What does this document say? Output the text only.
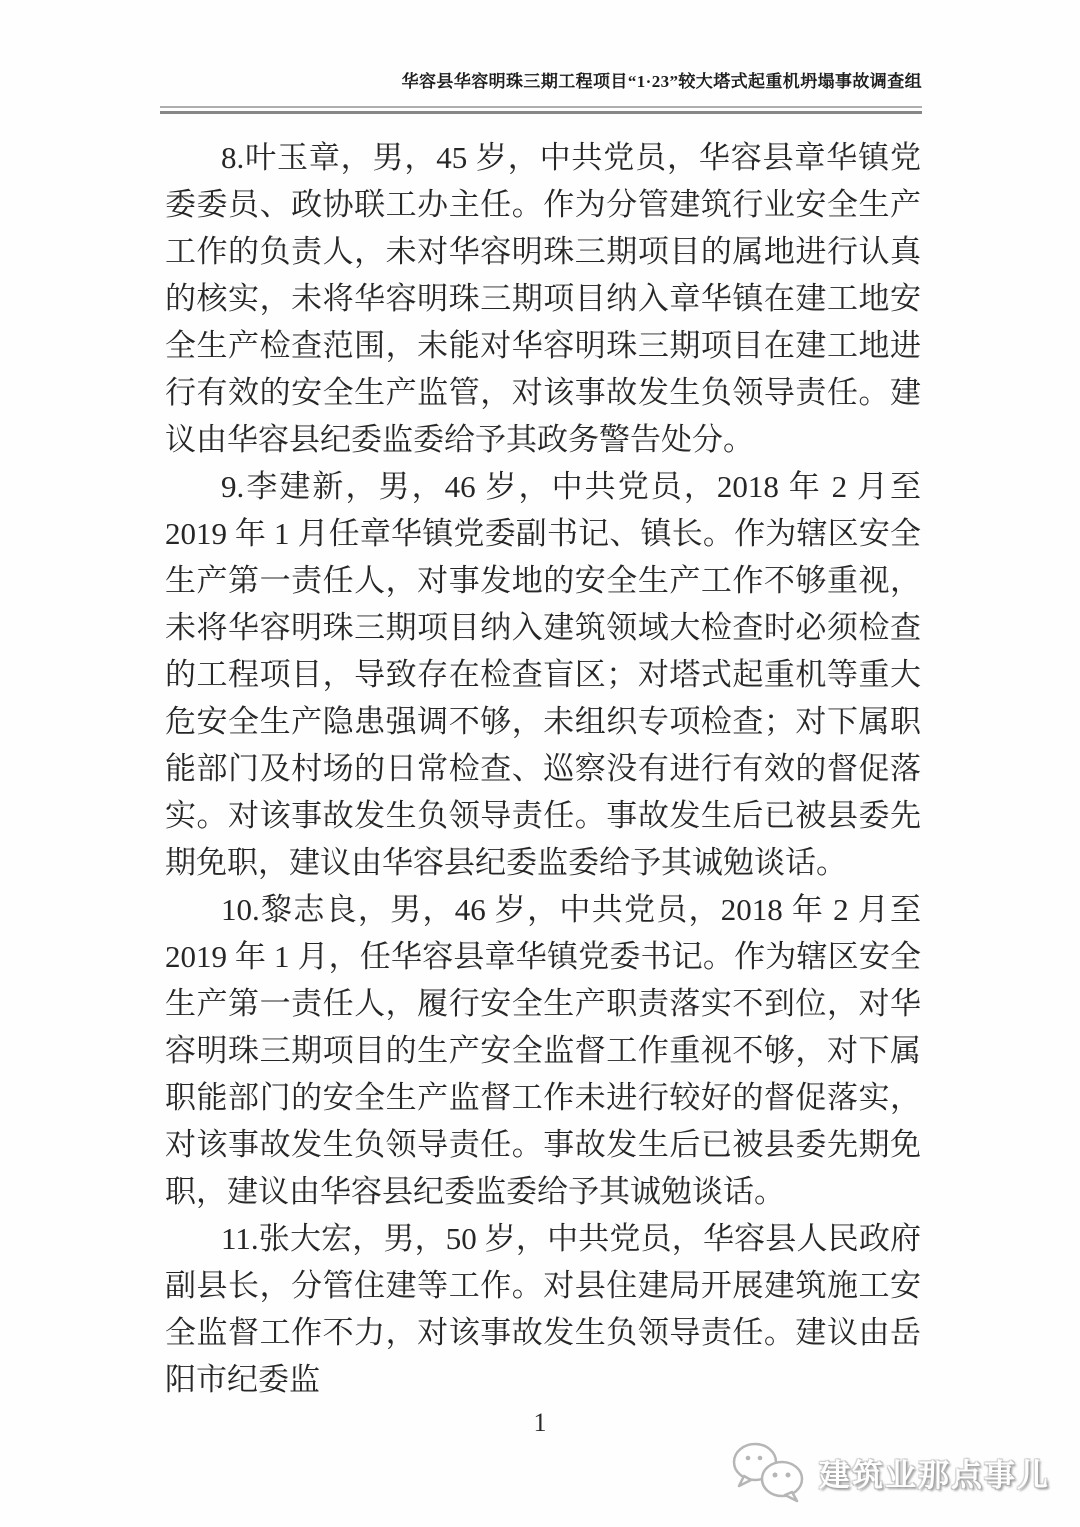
华容县华容明珠三期工程项目“1·23”较大塔式起重机坍塌事故调查组

8.叶玉章，男，45 岁，中共党员，华容县章华镇党委委员、政协联工办主任。作为分管建筑行业安全生产工作的负责人，未对华容明珠三期项目的属地进行认真的核实，未将华容明珠三期项目纳入章华镇在建工地安全生产检查范围，未能对华容明珠三期项目在建工地进行有效的安全生产监管，对该事故发生负领导责任。建议由华容县纪委监委给予其政务警告处分。

9.李建新，男，46 岁，中共党员，2018 年 2 月至 2019 年 1 月任章华镇党委副书记、镇长。作为辖区安全生产第一责任人，对事发地的安全生产工作不够重视，未将华容明珠三期项目纳入建筑领域大检查时必须检查的工程项目，导致存在检查盲区；对塔式起重机等重大危安全生产隐患强调不够，未组织专项检查；对下属职能部门及村场的日常检查、巡察没有进行有效的督促落实。对该事故发生负领导责任。事故发生后已被县委先期免职，建议由华容县纪委监委给予其诚勉谈话。

10.黎志良，男，46 岁，中共党员，2018 年 2 月至 2019 年 1 月，任华容县章华镇党委书记。作为辖区安全生产第一责任人，履行安全生产职责落实不到位，对华容明珠三期项目的生产安全监督工作重视不够，对下属职能部门的安全生产监督工作未进行较好的督促落实，对该事故发生负领导责任。事故发生后已被县委先期免职，建议由华容县纪委监委给予其诚勉谈话。

11.张大宏，男，50 岁，中共党员，华容县人民政府副县长，分管住建等工作。对县住建局开展建筑施工安全监督工作不力，对该事故发生负领导责任。建议由岳阳市纪委监

1
建筑业那点事儿
